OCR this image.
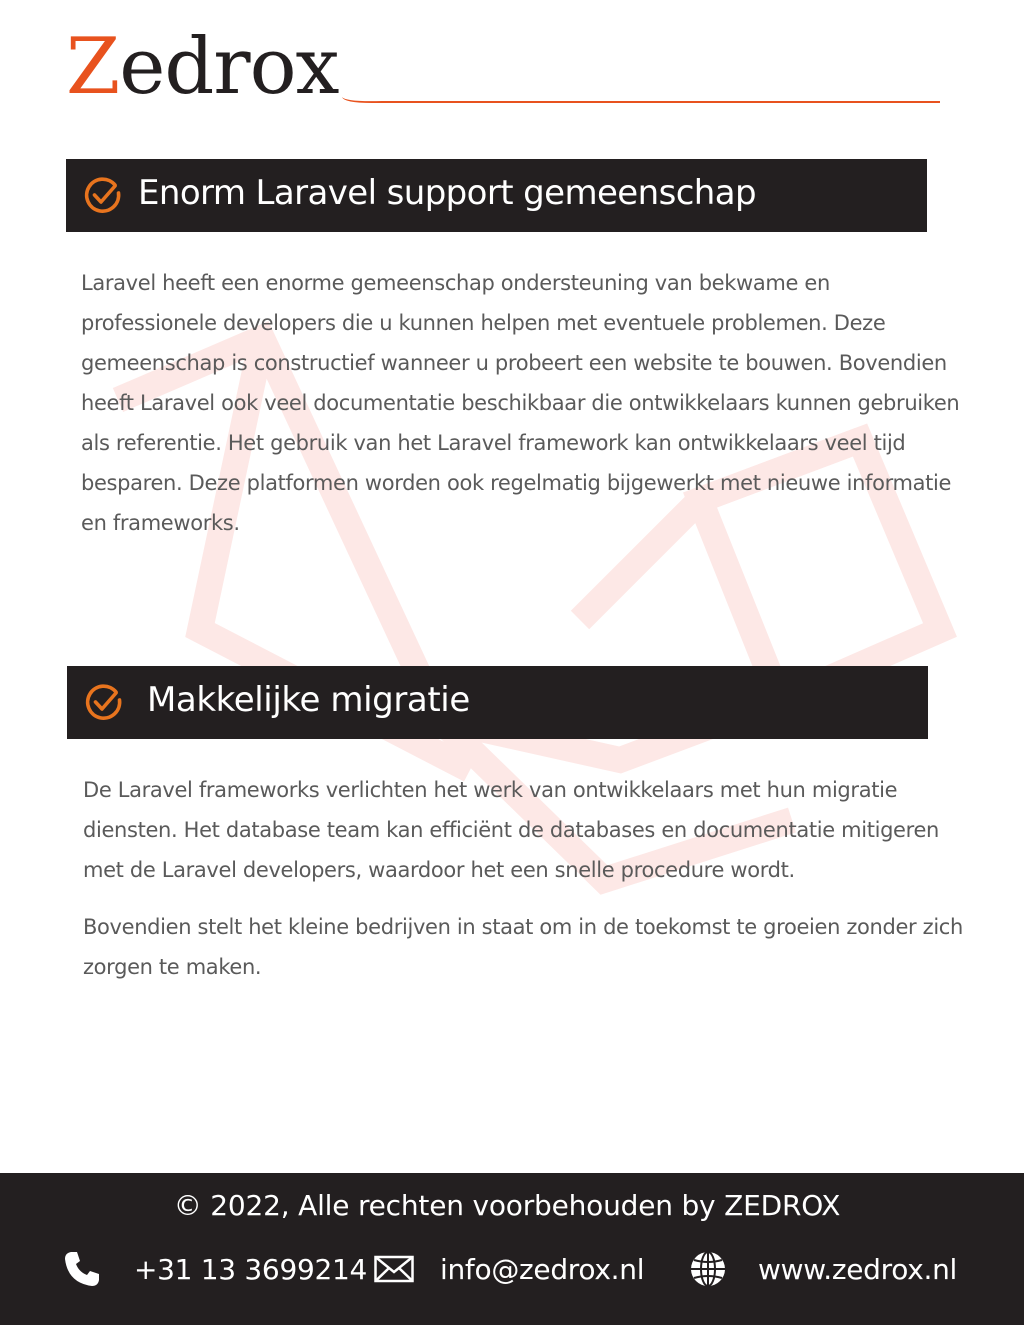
Zedrox
Enorm Laravel support gemeenschap

Laravel heeft een enorme gemeenschap ondersteuning van bekwame en professionele developers die u kunnen helpen met eventuele problemen. Deze gemeenschap is constructief wanneer u probeert een website te bouwen. Bovendien heeft Laravel ook veel documentatie beschikbaar die ontwikkelaars kunnen gebruiken als referentie. Het gebruik van het Laravel framework kan ontwikkelaars veel tijd besparen. Deze platformen worden ook regelmatig bijgewerkt met nieuwe informatie en frameworks.

Makkelijke migratie

De Laravel frameworks verlichten het werk van ontwikkelaars met hun migratie diensten. Het database team kan efficiënt de databases en documentatie mitigeren met de Laravel developers, waardoor het een snelle procedure wordt.

Bovendien stelt het kleine bedrijven in staat om in de toekomst te groeien zonder zich zorgen te maken.

© 2022, Alle rechten voorbehouden by ZEDROX
+31 13 3699214	info@zedrox.nl	www.zedrox.nl
